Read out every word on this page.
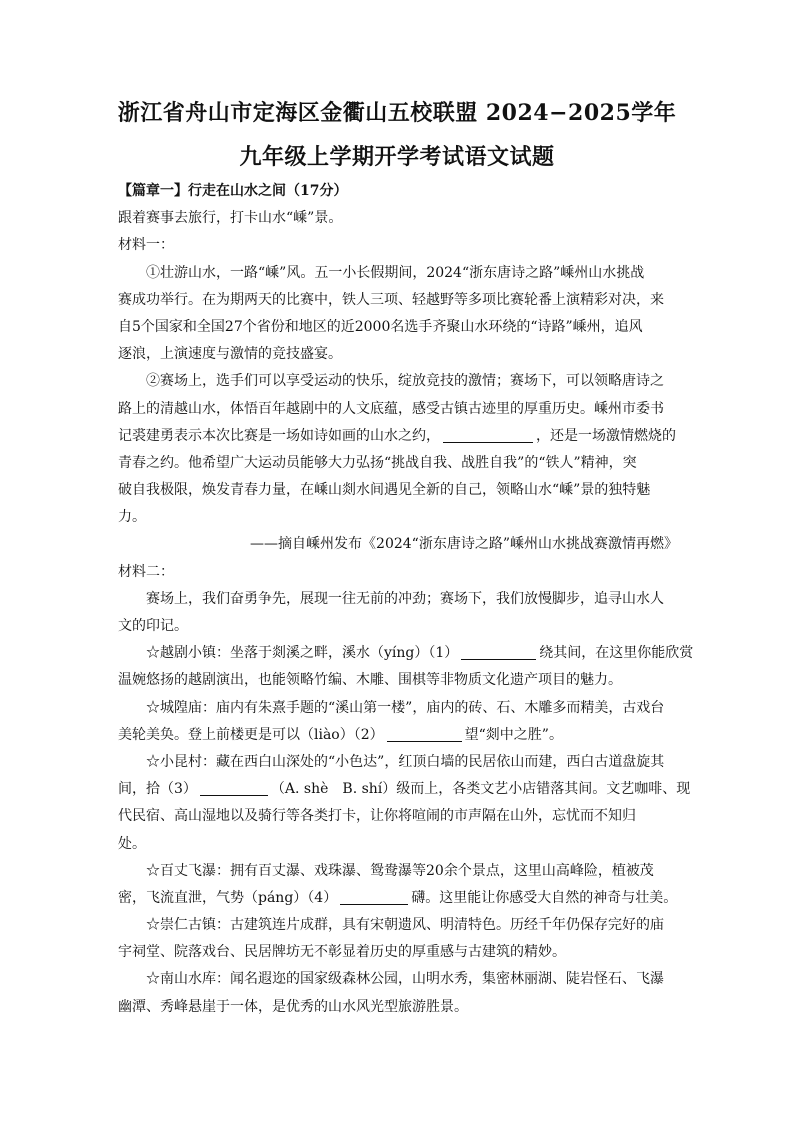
浙江省舟山市定海区金衢山五校联盟 2024−2025学年
九年级上学期开学考试语文试题
【篇章一】行走在山水之间（17分）
跟着赛事去旅行，打卡山水“嵊”景。
材料一：
①壮游山水，一路“嵊”风。五一小长假期间，2024“浙东唐诗之路”嵊州山水挑战
赛成功举行。在为期两天的比赛中，铁人三项、轻越野等多项比赛轮番上演精彩对决，来
自5个国家和全国27个省份和地区的近2000名选手齐聚山水环绕的“诗路”嵊州，追风
逐浪，上演速度与激情的竞技盛宴。
②赛场上，选手们可以享受运动的快乐，绽放竞技的激情；赛场下，可以领略唐诗之
路上的清越山水，体悟百年越剧中的人文底蕴，感受古镇古迹里的厚重历史。嵊州市委书
记裘建勇表示本次比赛是一场如诗如画的山水之约，	，还是一场激情燃烧的
青春之约。他希望广大运动员能够大力弘扬“挑战自我、战胜自我”的“铁人”精神，突
破自我极限，焕发青春力量，在嵊山剡水间遇见全新的自己，领略山水“嵊”景的独特魅
力。
——摘自嵊州发布《2024“浙东唐诗之路”嵊州山水挑战赛激情再燃》
材料二：
赛场上，我们奋勇争先，展现一往无前的冲劲；赛场下，我们放慢脚步，追寻山水人
文的印记。
☆越剧小镇：坐落于剡溪之畔，溪水（yíng）（1）	绕其间，在这里你能欣赏
温婉悠扬的越剧演出，也能领略竹编、木雕、围棋等非物质文化遗产项目的魅力。
☆城隍庙：庙内有朱熹手题的“溪山第一楼”，庙内的砖、石、木雕多而精美，古戏台
美轮美奂。登上前楼更是可以（liào）（2）	望“剡中之胜”。
☆小昆村：藏在西白山深处的“小色达”，红顶白墙的民居依山而建，西白古道盘旋其
间，拾（3）	（A. shè　B. shí）级而上，各类文艺小店错落其间。文艺咖啡、现
代民宿、高山湿地以及骑行等各类打卡，让你将喧闹的市声隔在山外，忘忧而不知归
处。
☆百丈飞瀑：拥有百丈瀑、戏珠瀑、鸳鸯瀑等20余个景点，这里山高峰险，植被茂
密，飞流直泄，气势（páng）（4）	礴。这里能让你感受大自然的神奇与壮美。
☆崇仁古镇：古建筑连片成群，具有宋朝遗风、明清特色。历经千年仍保存完好的庙
宇祠堂、院落戏台、民居牌坊无不彰显着历史的厚重感与古建筑的精妙。
☆南山水库：闻名遐迩的国家级森林公园，山明水秀，集密林丽湖、陡岩怪石、飞瀑
幽潭、秀峰悬崖于一体，是优秀的山水风光型旅游胜景。
